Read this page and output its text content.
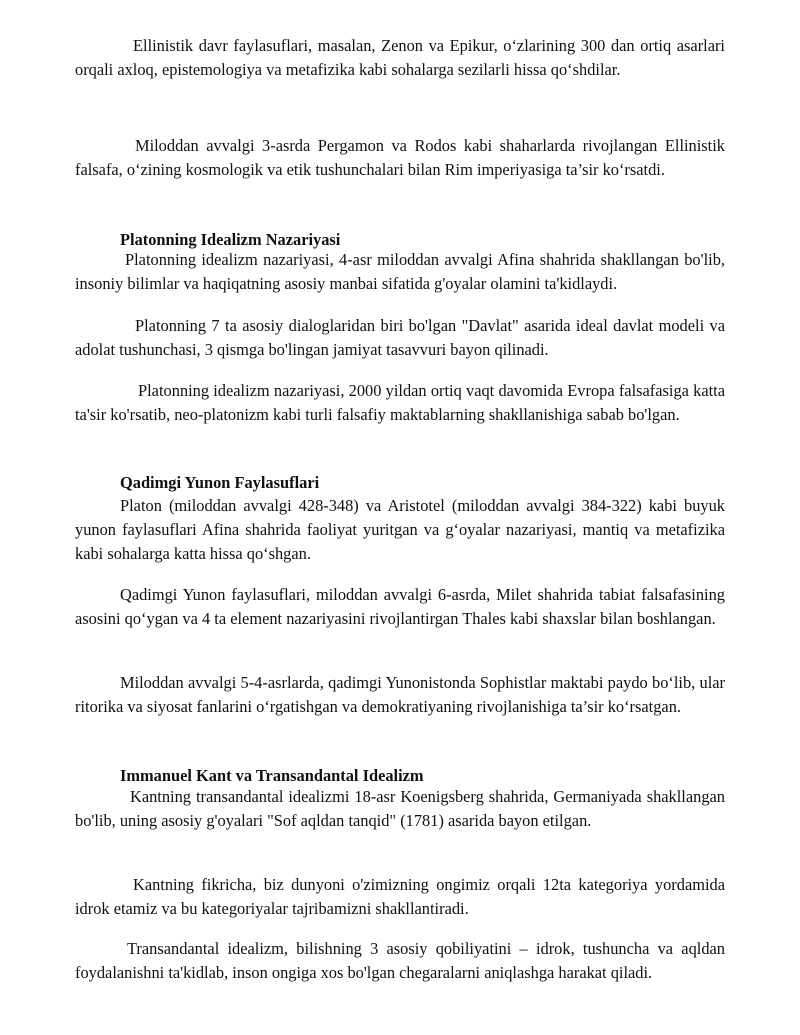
Ellinistik davr faylasuflari, masalan, Zenon va Epikur, o‘zlarining 300 dan ortiq asarlari orqali axloq, epistemologiya va metafizika kabi sohalarga sezilarli hissa qo‘shdilar.

Miloddan avvalgi 3-asrda Pergamon va Rodos kabi shaharlarda rivojlangan Ellinistik falsafa, o‘zining kosmologik va etik tushunchalari bilan Rim imperiyasiga ta’sir ko‘rsatdi.

Platonning Idealizm Nazariyasi

Platonning idealizm nazariyasi, 4-asr miloddan avvalgi Afina shahrida shakllangan bo'lib, insoniy bilimlar va haqiqatning asosiy manbai sifatida g'oyalar olamini ta'kidlaydi.

Platonning 7 ta asosiy dialoglaridan biri bo'lgan "Davlat" asarida ideal davlat modeli va adolat tushunchasi, 3 qismga bo'lingan jamiyat tasavvuri bayon qilinadi.

Platonning idealizm nazariyasi, 2000 yildan ortiq vaqt davomida Evropa falsafasiga katta ta'sir ko'rsatib, neo-platonizm kabi turli falsafiy maktablarning shakllanishiga sabab bo'lgan.

Qadimgi Yunon Faylasuflari

Platon (miloddan avvalgi 428-348) va Aristotel (miloddan avvalgi 384-322) kabi buyuk yunon faylasuflari Afina shahrida faoliyat yuritgan va g‘oyalar nazariyasi, mantiq va metafizika kabi sohalarga katta hissa qo‘shgan.

Qadimgi Yunon faylasuflari, miloddan avvalgi 6-asrda, Milet shahrida tabiat falsafasining asosini qo‘ygan va 4 ta element nazariyasini rivojlantirgan Thales kabi shaxslar bilan boshlangan.

Miloddan avvalgi 5-4-asrlarda, qadimgi Yunonistonda Sophistlar maktabi paydo bo‘lib, ular ritorika va siyosat fanlarini o‘rgatishgan va demokratiyaning rivojlanishiga ta’sir ko‘rsatgan.

Immanuel Kant va Transandantal Idealizm

Kantning transandantal idealizmi 18-asr Koenigsberg shahrida, Germaniyada shakllangan bo'lib, uning asosiy g'oyalari "Sof aqldan tanqid" (1781) asarida bayon etilgan.

Kantning fikricha, biz dunyoni o'zimizning ongimiz orqali 12ta kategoriya yordamida idrok etamiz va bu kategoriyalar tajribamizni shakllantiradi.

Transandantal idealizm, bilishning 3 asosiy qobiliyatini – idrok, tushuncha va aqldan foydalanishni ta'kidlab, inson ongiga xos bo'lgan chegaralarni aniqlashga harakat qiladi.
